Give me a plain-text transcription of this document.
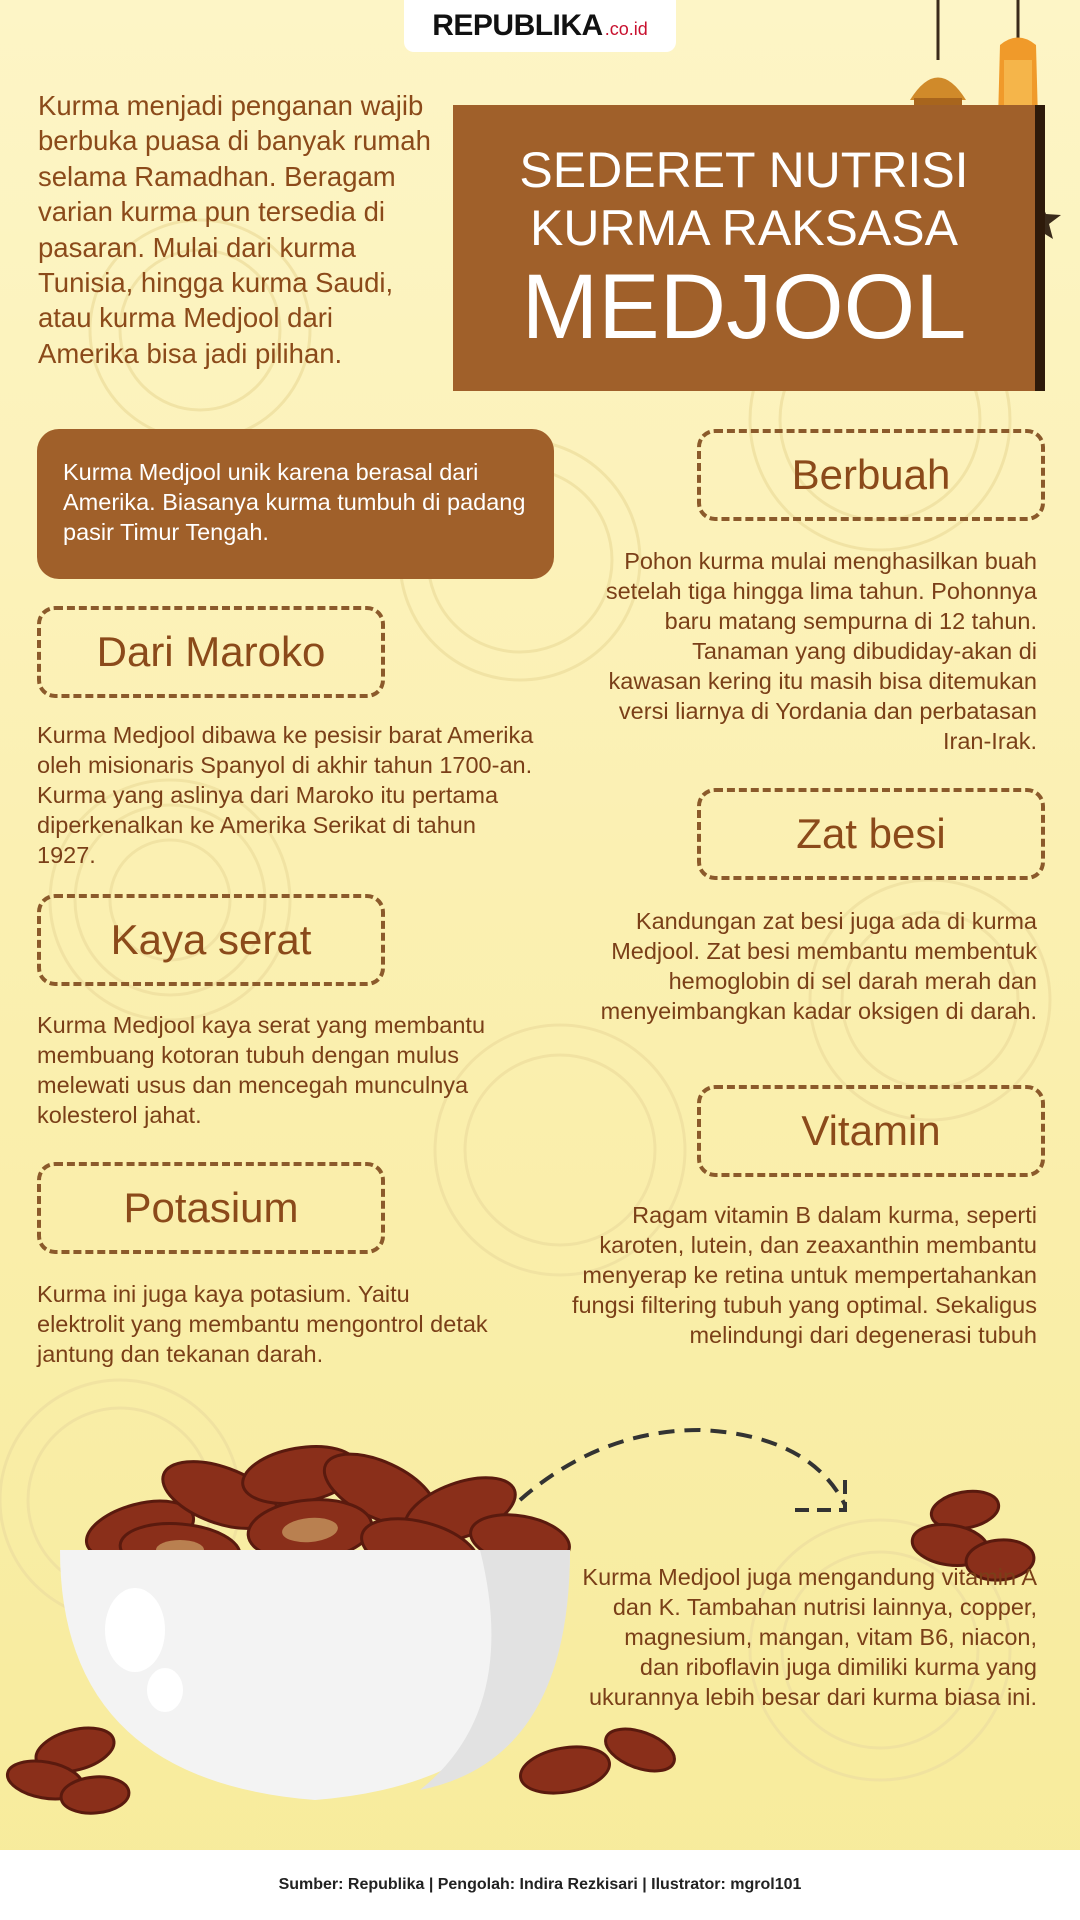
REPUBLIKA .co.id
Kurma menjadi penganan wajib berbuka puasa di banyak rumah selama Ramadhan. Beragam varian kurma pun tersedia di pasaran. Mulai dari kurma Tunisia, hingga kurma Saudi, atau kurma Medjool dari Amerika bisa jadi pilihan.
SEDERET NUTRISI
KURMA RAKSASA
MEDJOOL
Kurma Medjool unik karena berasal dari Amerika. Biasanya kurma tumbuh di padang pasir Timur Tengah.
Dari Maroko
Kurma Medjool dibawa ke pesisir barat Amerika oleh misionaris Spanyol di akhir tahun 1700-an. Kurma yang aslinya dari Maroko itu pertama diperkenalkan ke Amerika Serikat di tahun 1927.
Kaya serat
Kurma Medjool kaya serat yang membantu membuang kotoran tubuh dengan mulus melewati usus dan mencegah munculnya kolesterol jahat.
Potasium
Kurma ini juga kaya potasium. Yaitu elektrolit yang membantu mengontrol detak jantung dan tekanan darah.
Berbuah
Pohon kurma mulai menghasilkan buah setelah tiga hingga lima tahun. Pohonnya baru matang sempurna di 12 tahun. Tanaman yang dibudiday-akan di kawasan kering itu masih bisa ditemukan versi liarnya di Yordania dan perbatasan Iran-Irak.
Zat besi
Kandungan zat besi juga ada di kurma Medjool. Zat besi membantu membentuk hemoglobin di sel darah merah dan menyeimbangkan kadar oksigen di darah.
Vitamin
Ragam vitamin B dalam kurma, seperti karoten, lutein, dan zeaxanthin membantu menyerap ke retina untuk mempertahankan fungsi filtering tubuh yang optimal. Sekaligus melindungi dari degenerasi tubuh
Kurma Medjool juga mengandung vitamin A dan K. Tambahan nutrisi lainnya, copper, magnesium, mangan, vitam B6, niacon, dan riboflavin juga dimiliki kurma yang ukurannya lebih besar dari kurma biasa ini.
Sumber: Republika | Pengolah: Indira Rezkisari | Ilustrator: mgrol101
